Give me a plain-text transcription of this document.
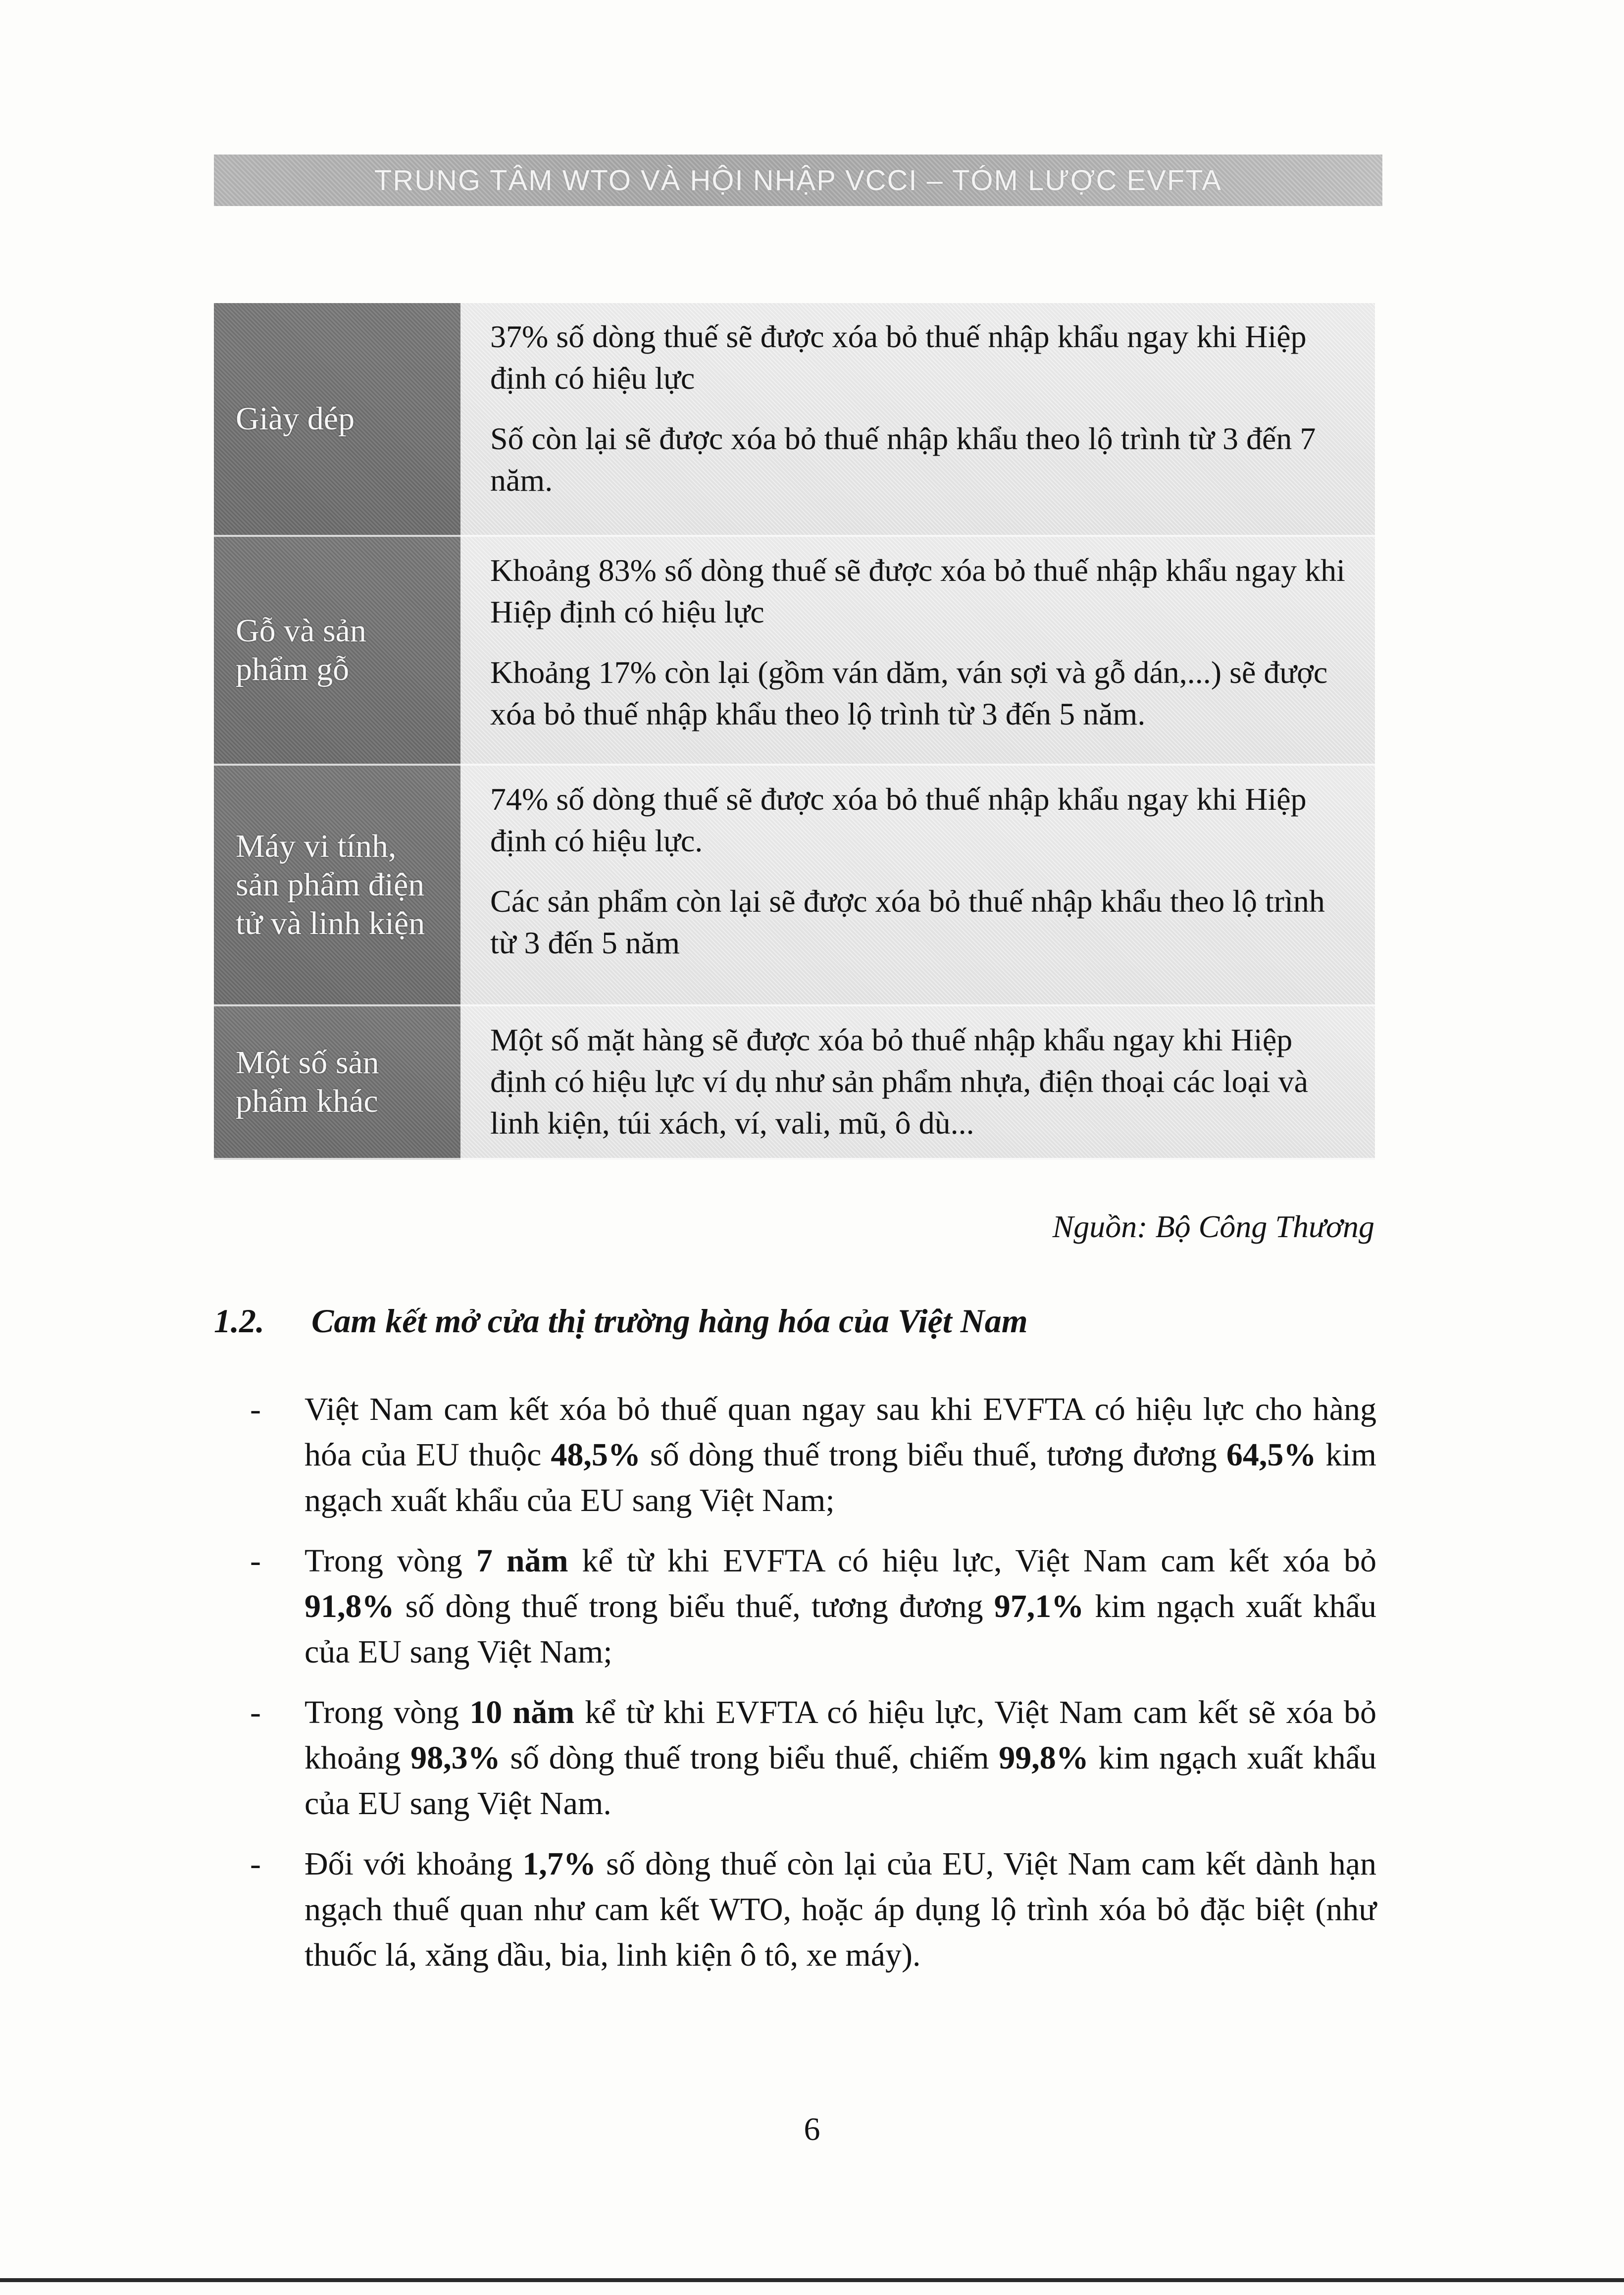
TRUNG TÂM WTO VÀ HỘI NHẬP VCCI – TÓM LƯỢC EVFTA
Giày dép

37% số dòng thuế sẽ được xóa bỏ thuế nhập khẩu ngay khi Hiệp định có hiệu lực

Số còn lại sẽ được xóa bỏ thuế nhập khẩu theo lộ trình từ 3 đến 7 năm.

Gỗ và sản phẩm gỗ

Khoảng 83% số dòng thuế sẽ được xóa bỏ thuế nhập khẩu ngay khi Hiệp định có hiệu lực

Khoảng 17% còn lại (gồm ván dăm, ván sợi và gỗ dán,...) sẽ được xóa bỏ thuế nhập khẩu theo lộ trình từ 3 đến 5 năm.

Máy vi tính, sản phẩm điện tử và linh kiện

74% số dòng thuế sẽ được xóa bỏ thuế nhập khẩu ngay khi Hiệp định có hiệu lực.

Các sản phẩm còn lại sẽ được xóa bỏ thuế nhập khẩu theo lộ trình từ 3 đến 5 năm

Một số sản phẩm khác

Một số mặt hàng sẽ được xóa bỏ thuế nhập khẩu ngay khi Hiệp định có hiệu lực ví dụ như sản phẩm nhựa, điện thoại các loại và linh kiện, túi xách, ví, vali, mũ, ô dù...

Nguồn: Bộ Công Thương
1.2. Cam kết mở cửa thị trường hàng hóa của Việt Nam
- Việt Nam cam kết xóa bỏ thuế quan ngay sau khi EVFTA có hiệu lực cho hàng hóa của EU thuộc 48,5% số dòng thuế trong biểu thuế, tương đương 64,5% kim ngạch xuất khẩu của EU sang Việt Nam;
- Trong vòng 7 năm kể từ khi EVFTA có hiệu lực, Việt Nam cam kết xóa bỏ 91,8% số dòng thuế trong biểu thuế, tương đương 97,1% kim ngạch xuất khẩu của EU sang Việt Nam;
- Trong vòng 10 năm kể từ khi EVFTA có hiệu lực, Việt Nam cam kết sẽ xóa bỏ khoảng 98,3% số dòng thuế trong biểu thuế, chiếm 99,8% kim ngạch xuất khẩu của EU sang Việt Nam.
- Đối với khoảng 1,7% số dòng thuế còn lại của EU, Việt Nam cam kết dành hạn ngạch thuế quan như cam kết WTO, hoặc áp dụng lộ trình xóa bỏ đặc biệt (như thuốc lá, xăng dầu, bia, linh kiện ô tô, xe máy).
6
